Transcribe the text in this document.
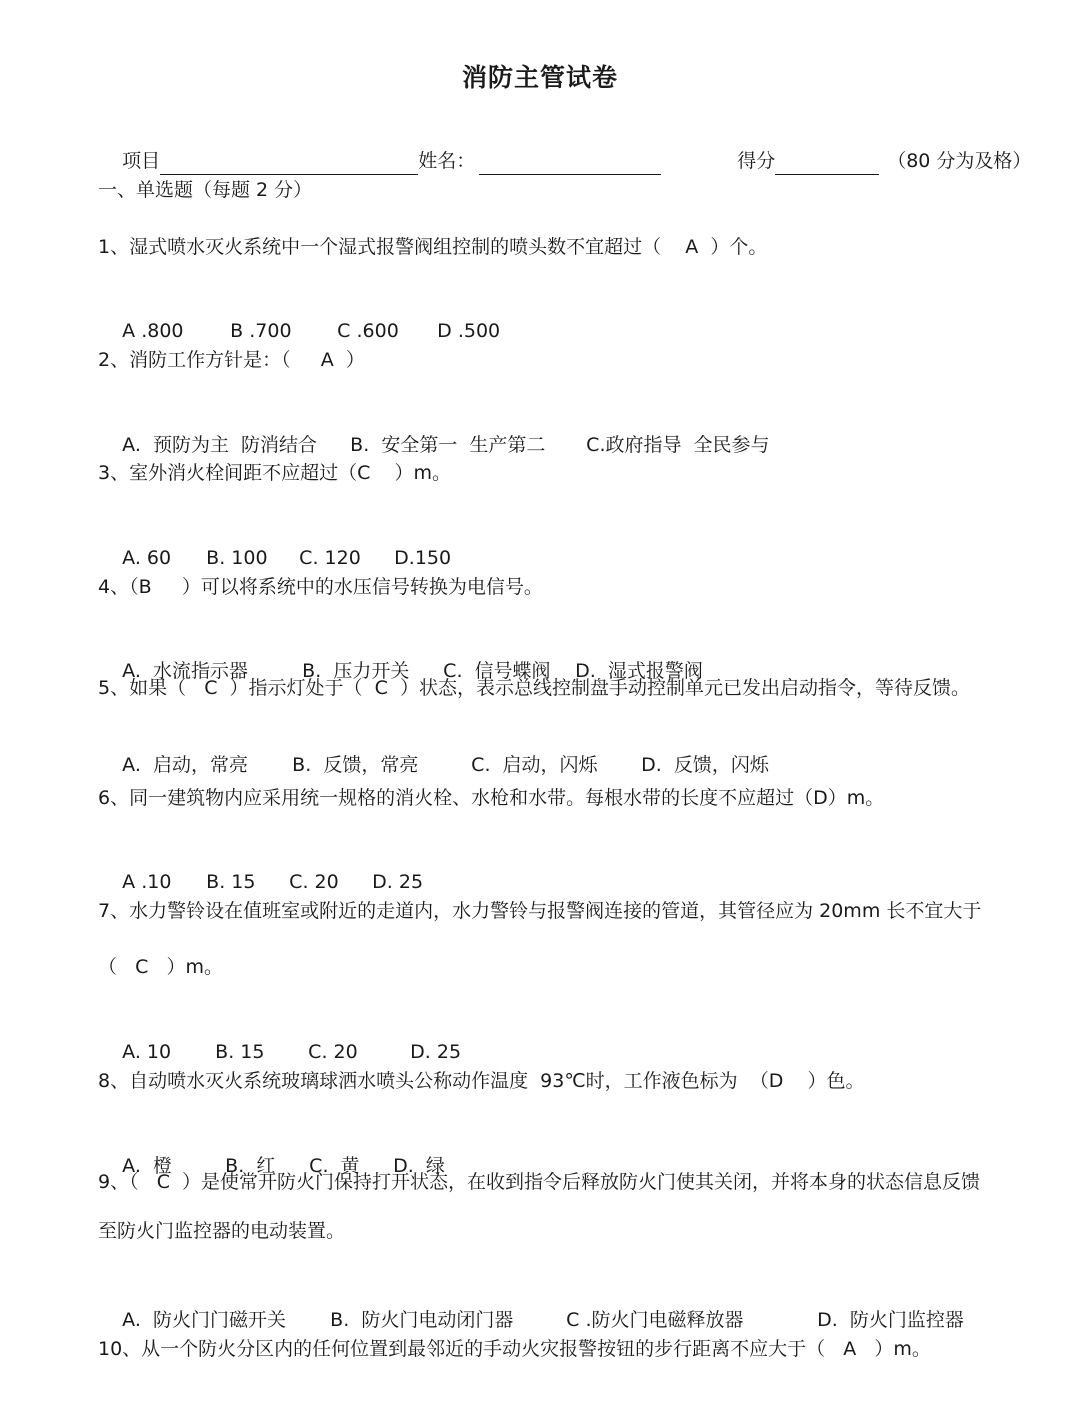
消防主管试卷

项目	姓名：	得分	（80 分为及格）

一、单选题（每题 2 分）
1、湿式喷水灭火系统中一个湿式报警阀组控制的喷头数不宜超过（    A  ）个。

A .800 B .700 C .600 D .500

2、消防工作方针是：（     A  ）

A.  预防为主  防消结合 B.  安全第一  生产第二 C.政府指导  全民参与

3、室外消火栓间距不应超过（C    ）m。

A. 60 B. 100 C. 120 D.150

4、（B     ）可以将系统中的水压信号转换为电信号。

A.  水流指示器	B.  压力开关 C.  信号蝶阀 D.  湿式报警阀

5、如果（   C  ）指示灯处于（  C  ）状态，表示总线控制盘手动控制单元已发出启动指令，等待反馈。

A.  启动，常亮 B.  反馈，常亮	C.  启动，闪烁 D.  反馈，闪烁

6、同一建筑物内应采用统一规格的消火栓、水枪和水带。每根水带的长度不应超过（D）m。

A .10 B. 15 C. 20 D. 25

7、水力警铃设在值班室或附近的走道内，水力警铃与报警阀连接的管道，其管径应为 20mm 长不宜大于
（   C   ）m。

A. 10 B. 15 C. 20	D. 25

8、自动喷水灭火系统玻璃球洒水喷头公称动作温度  93℃时，工作液色标为  （D    ）色。

A.  橙	B.  红 C.  黄 D.  绿

9、（   C  ）是使常开防火门保持打开状态，在收到指令后释放防火门使其关闭，并将本身的状态信息反馈
至防火门监控器的电动装置。

A.  防火门门磁开关 B.  防火门电动闭门器	C .防火门电磁释放器	D.  防火门监控器

10、从一个防火分区内的任何位置到最邻近的手动火灾报警按钮的步行距离不应大于（   A   ）m。
